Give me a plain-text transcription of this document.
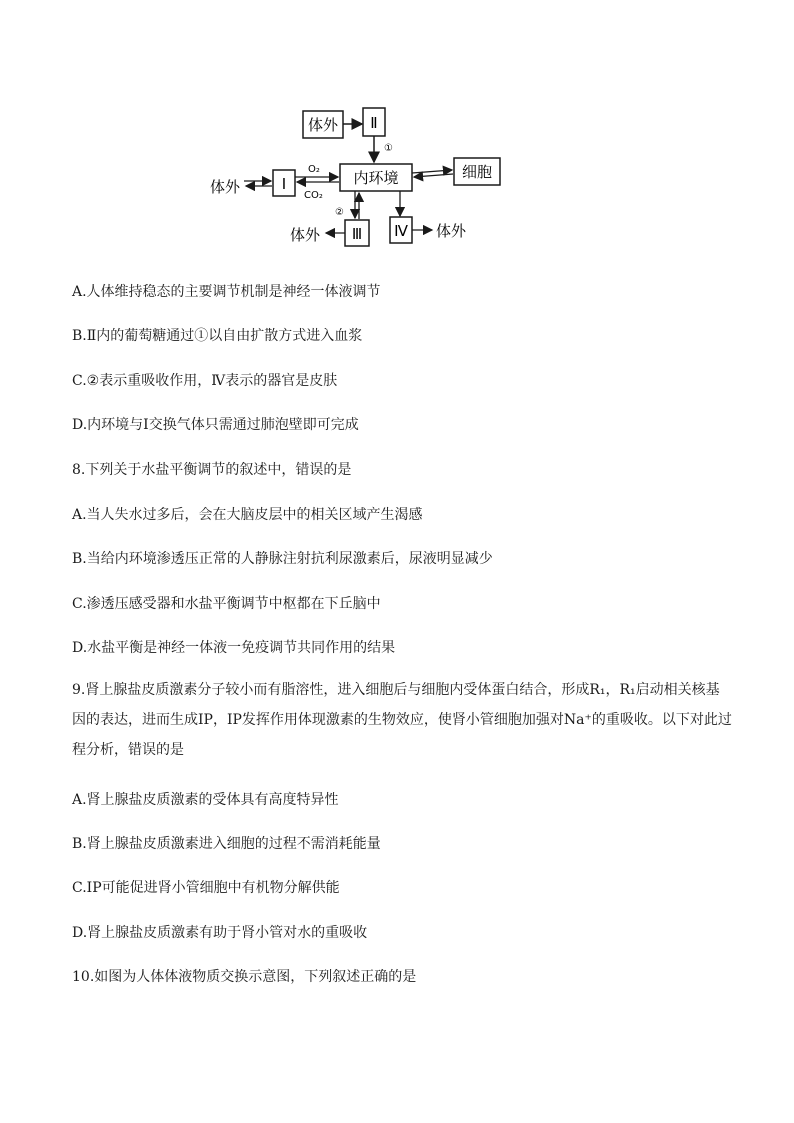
体外 Ⅱ
①
内环境	细胞
Ⅰ
体外
O₂
CO₂
②
Ⅲ
体外	Ⅳ 体外
A.人体维持稳态的主要调节机制是神经一体液调节
B.Ⅱ内的葡萄糖通过①以自由扩散方式进入血浆
C.②表示重吸收作用，Ⅳ表示的器官是皮肤
D.内环境与Ⅰ交换气体只需通过肺泡壁即可完成
8.下列关于水盐平衡调节的叙述中，错误的是
A.当人失水过多后，会在大脑皮层中的相关区域产生渴感
B.当给内环境渗透压正常的人静脉注射抗利尿激素后，尿液明显减少
C.渗透压感受器和水盐平衡调节中枢都在下丘脑中
D.水盐平衡是神经一体液一免疫调节共同作用的结果
9.肾上腺盐皮质激素分子较小而有脂溶性，进入细胞后与细胞内受体蛋白结合，形成R₁，R₁启动相关核基因的表达，进而生成IP，IP发挥作用体现激素的生物效应，使肾小管细胞加强对Na⁺的重吸收。以下对此过程分析，错误的是
A.肾上腺盐皮质激素的受体具有高度特异性
B.肾上腺盐皮质激素进入细胞的过程不需消耗能量
C.IP可能促进肾小管细胞中有机物分解供能
D.肾上腺盐皮质激素有助于肾小管对水的重吸收
10.如图为人体体液物质交换示意图，下列叙述正确的是
